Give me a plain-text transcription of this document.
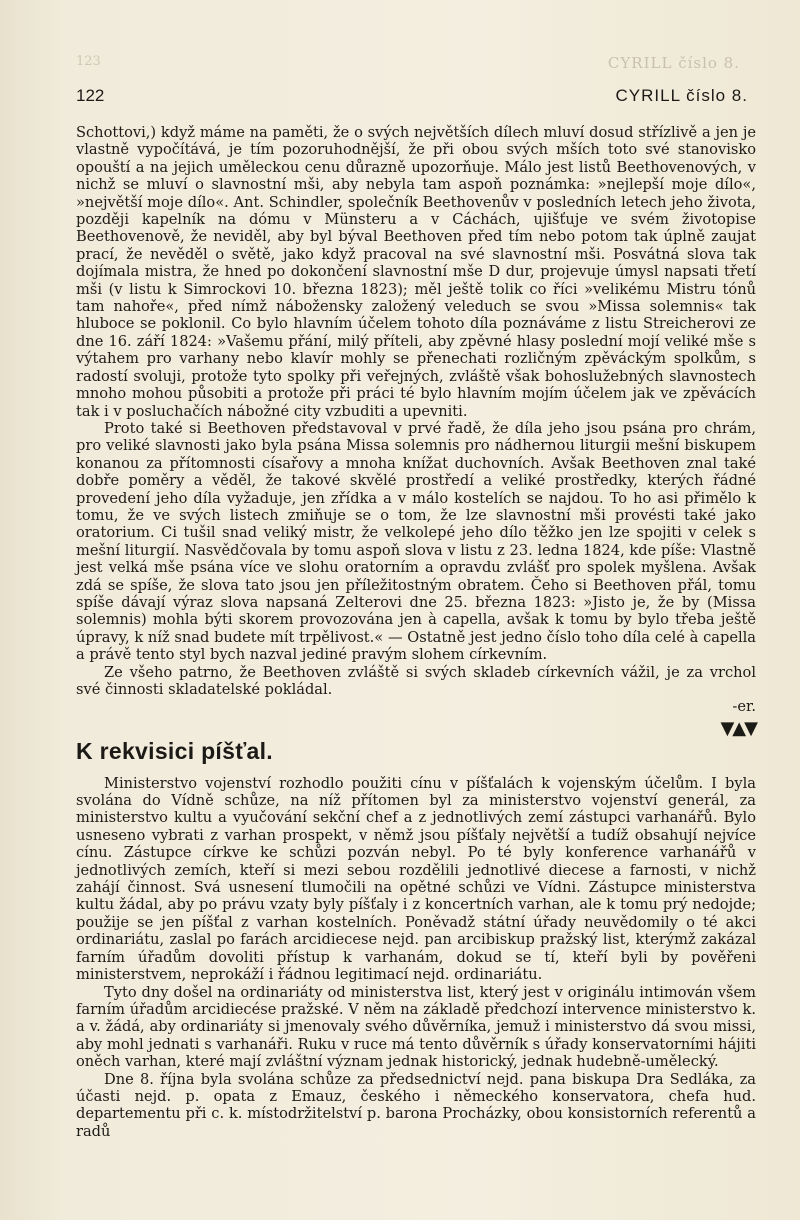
123	CYRILL číslo 8.
122	CYRILL číslo 8.

Schottovi,) když máme na paměti, že o svých největších dílech mluví dosud střízlivě a jen je vlastně vypočítává, je tím pozoruhodnější, že při obou svých mších toto své stanovisko opouští a na jejich uměleckou cenu důrazně upozorňuje. Málo jest listů Beethovenových, v nichž se mluví o slavnostní mši, aby nebyla tam aspoň poznámka: »nejlepší moje dílo«, »největší moje dílo«. Ant. Schindler, společník Beethovenův v posledních letech jeho života, později kapelník na dómu v Münsteru a v Cáchách, ujišťuje ve svém životopise Beethovenově, že neviděl, aby byl býval Beethoven před tím nebo potom tak úplně zaujat prací, že nevěděl o světě, jako když pracoval na své slavnostní mši. Posvátná slova tak dojímala mistra, že hned po dokončení slavnostní mše D dur, projevuje úmysl napsati třetí mši (v listu k Simrockovi 10. března 1823); měl ještě tolik co říci »velikému Mistru tónů tam nahoře«, před nímž nábožensky založený veleduch se svou »Missa solemnis« tak hluboce se poklonil. Co bylo hlavním účelem tohoto díla poznáváme z listu Streicherovi ze dne 16. září 1824: »Vašemu přání, milý příteli, aby zpěvné hlasy poslední mojí veliké mše s výtahem pro varhany nebo klavír mohly se přenechati rozličným zpěváckým spolkům, s radostí svoluji, protože tyto spolky při veřejných, zvláště však bohoslužebných slavnostech mnoho mohou působiti a protože při práci té bylo hlavním mojím účelem jak ve zpěvácích tak i v posluchačích nábožné city vzbuditi a upevniti.

Proto také si Beethoven představoval v prvé řadě, že díla jeho jsou psána pro chrám, pro veliké slavnosti jako byla psána Missa solemnis pro nádhernou liturgii mešní biskupem konanou za přítomnosti císařovy a mnoha knížat duchovních. Avšak Beethoven znal také dobře poměry a věděl, že takové skvělé prostředí a veliké prostředky, kterých řádné provedení jeho díla vyžaduje, jen zřídka a v málo kostelích se najdou. To ho asi přimělo k tomu, že ve svých listech zmiňuje se o tom, že lze slavnostní mši provésti také jako oratorium. Ci tušil snad veliký mistr, že velkolepé jeho dílo těžko jen lze spojiti v celek s mešní liturgií. Nasvědčovala by tomu aspoň slova v listu z 23. ledna 1824, kde píše: Vlastně jest velká mše psána více ve slohu oratorním a opravdu zvlášť pro spolek myšlena. Avšak zdá se spíše, že slova tato jsou jen příležitostným obratem. Čeho si Beethoven přál, tomu spíše dávají výraz slova napsaná Zelterovi dne 25. března 1823: »Jisto je, že by (Missa solemnis) mohla býti skorem provozována jen à capella, avšak k tomu by bylo třeba ještě úpravy, k níž snad budete mít trpělivost.« — Ostatně jest jedno číslo toho díla celé à capella a právě tento styl bych nazval jediné pravým slohem církevním.

Ze všeho patrno, že Beethoven zvláště si svých skladeb církevních vážil, je za vrchol své činnosti skladatelské pokládal.

-er.

▼▲▼
K rekvisici píšťal.

Ministerstvo vojenství rozhodlo použiti cínu v píšťalách k vojenským účelům. I byla svolána do Vídně schůze, na níž přítomen byl za ministerstvo vojenství generál, za ministerstvo kultu a vyučování sekční chef a z jednotlivých zemí zástupci varhanářů. Bylo usneseno vybrati z varhan prospekt, v němž jsou píšťaly největší a tudíž obsahují nejvíce cínu. Zástupce církve ke schůzi pozván nebyl. Po té byly konference varhanářů v jednotlivých zemích, kteří si mezi sebou rozdělili jednotlivé diecese a farnosti, v nichž zahájí činnost. Svá usnesení tlumočili na opětné schůzi ve Vídni. Zástupce ministerstva kultu žádal, aby po právu vzaty byly píšťaly i z koncertních varhan, ale k tomu prý nedojde; použije se jen píšťal z varhan kostelních. Poněvadž státní úřady neuvědomily o té akci ordinariátu, zaslal po farách arcidiecese nejd. pan arcibiskup pražský list, kterýmž zakázal farním úřadům dovoliti přístup k varhanám, dokud se tí, kteří byli by pověřeni ministerstvem, neprokáží i řádnou legitimací nejd. ordinariátu.

Tyto dny došel na ordinariáty od ministerstva list, který jest v originálu intimován všem farním úřadům arcidiecése pražské. V něm na základě předchozí intervence ministerstvo k. a v. žádá, aby ordinariáty si jmenovaly svého důvěrníka, jemuž i ministerstvo dá svou missi, aby mohl jednati s varhanáři. Ruku v ruce má tento důvěrník s úřady konservatorními hájiti oněch varhan, které mají zvláštní význam jednak historický, jednak hudebně-umělecký.

Dne 8. října byla svolána schůze za předsednictví nejd. pana biskupa Dra Sedláka, za účasti nejd. p. opata z Emauz, českého i německého konservatora, chefa hud. departementu při c. k. místodržitelství p. barona Procházky, obou konsistorních referentů a radů
